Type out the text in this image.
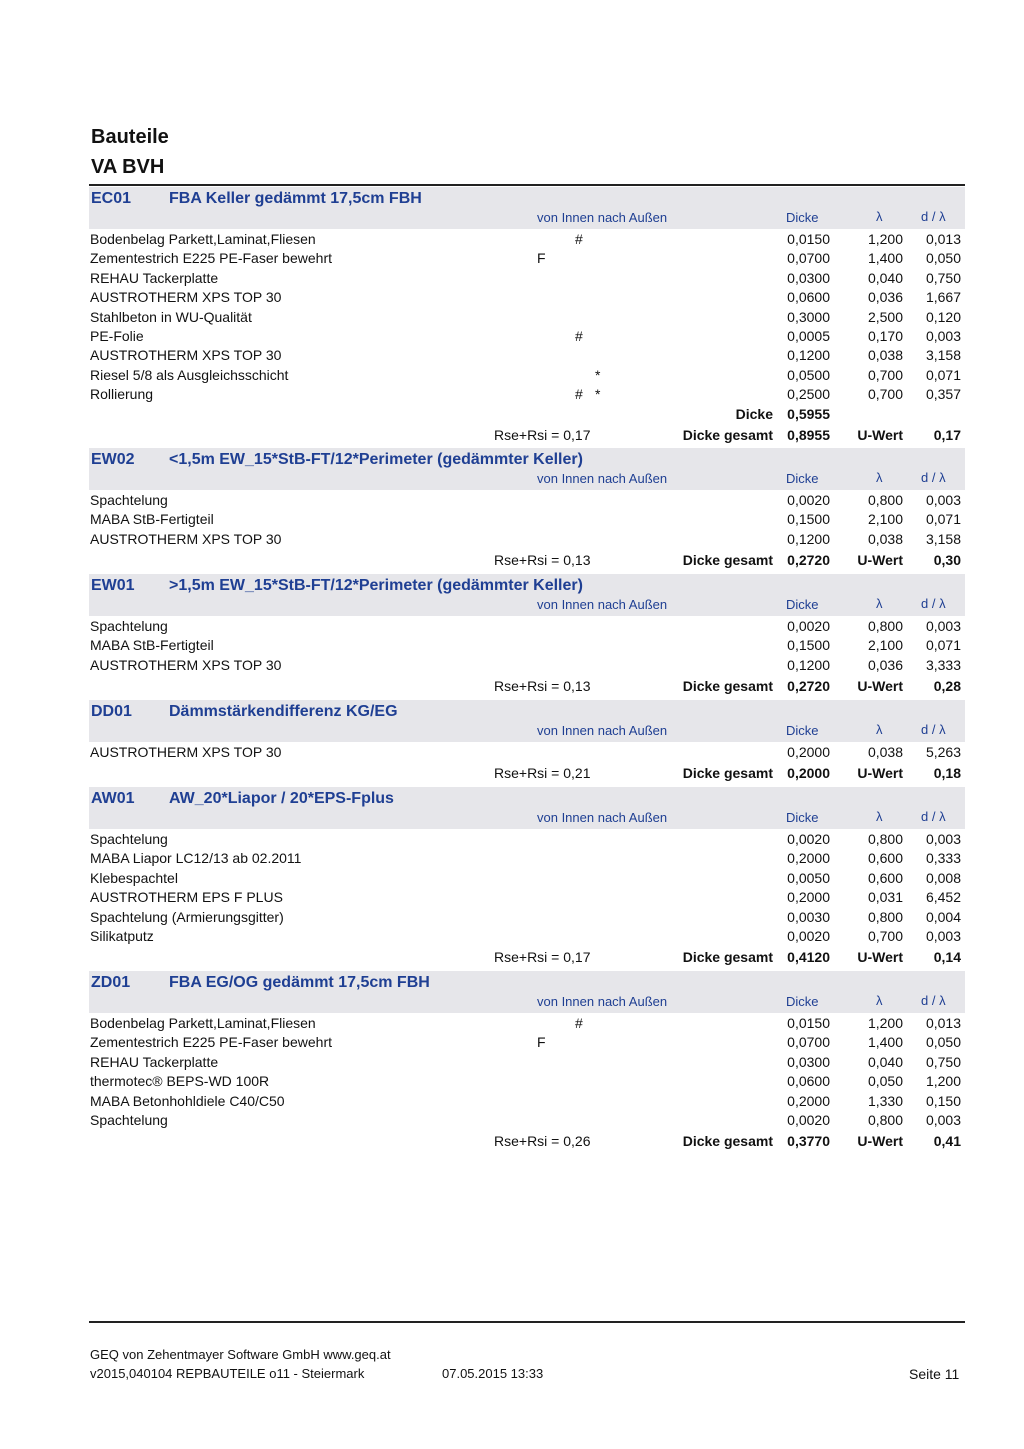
Bauteile
VA BVH
EC01 FBA Keller gedämmt 17,5cm FBH
von Innen nach Außen	Dicke	λ	d / λ
Bodenbelag Parkett,Laminat,Fliesen	#	0,0150	1,200 0,013
Zementestrich E225 PE-Faser bewehrt	F	0,0700	1,400 0,050
REHAU Tackerplatte	0,0300	0,040 0,750
AUSTROTHERM XPS TOP 30	0,0600	0,036 1,667
Stahlbeton in WU-Qualität	0,3000	2,500 0,120
PE-Folie	#	0,0005	0,170 0,003
AUSTROTHERM XPS TOP 30	0,1200	0,038 3,158
Riesel 5/8 als Ausgleichsschicht	*	0,0500	0,700 0,071
Rollierung	# *	0,2500	0,700 0,357
Dicke 0,5955
Rse+Rsi = 0,17	Dicke gesamt 0,8955 U-Wert 0,17
EW02 <1,5m EW_15*StB-FT/12*Perimeter (gedämmter Keller)
von Innen nach Außen	Dicke	λ	d / λ
Spachtelung	0,0020	0,800 0,003
MABA StB-Fertigteil	0,1500	2,100 0,071
AUSTROTHERM XPS TOP 30	0,1200	0,038 3,158
Rse+Rsi = 0,13	Dicke gesamt 0,2720 U-Wert 0,30
EW01 >1,5m EW_15*StB-FT/12*Perimeter (gedämmter Keller)
von Innen nach Außen	Dicke	λ	d / λ
Spachtelung	0,0020	0,800 0,003
MABA StB-Fertigteil	0,1500	2,100 0,071
AUSTROTHERM XPS TOP 30	0,1200	0,036 3,333
Rse+Rsi = 0,13	Dicke gesamt 0,2720 U-Wert 0,28
DD01 Dämmstärkendifferenz KG/EG
von Innen nach Außen	Dicke	λ	d / λ
AUSTROTHERM XPS TOP 30	0,2000	0,038 5,263
Rse+Rsi = 0,21	Dicke gesamt 0,2000 U-Wert 0,18
AW01 AW_20*Liapor / 20*EPS-Fplus
von Innen nach Außen	Dicke	λ	d / λ
Spachtelung	0,0020	0,800 0,003
MABA Liapor LC12/13 ab 02.2011	0,2000	0,600 0,333
Klebespachtel	0,0050	0,600 0,008
AUSTROTHERM EPS F PLUS	0,2000	0,031 6,452
Spachtelung (Armierungsgitter)	0,0030	0,800 0,004
Silikatputz	0,0020	0,700 0,003
Rse+Rsi = 0,17	Dicke gesamt 0,4120 U-Wert 0,14
ZD01 FBA EG/OG gedämmt 17,5cm FBH
von Innen nach Außen	Dicke	λ	d / λ
Bodenbelag Parkett,Laminat,Fliesen	#	0,0150	1,200 0,013
Zementestrich E225 PE-Faser bewehrt	F	0,0700	1,400 0,050
REHAU Tackerplatte	0,0300	0,040 0,750
thermotec® BEPS-WD 100R	0,0600	0,050 1,200
MABA Betonhohldiele C40/C50	0,2000	1,330 0,150
Spachtelung	0,0020	0,800 0,003
Rse+Rsi = 0,26	Dicke gesamt 0,3770 U-Wert 0,41
GEQ von Zehentmayer Software GmbH www.geq.at
v2015,040104 REPBAUTEILE o11 - Steiermark	07.05.2015 13:33	Seite 11
